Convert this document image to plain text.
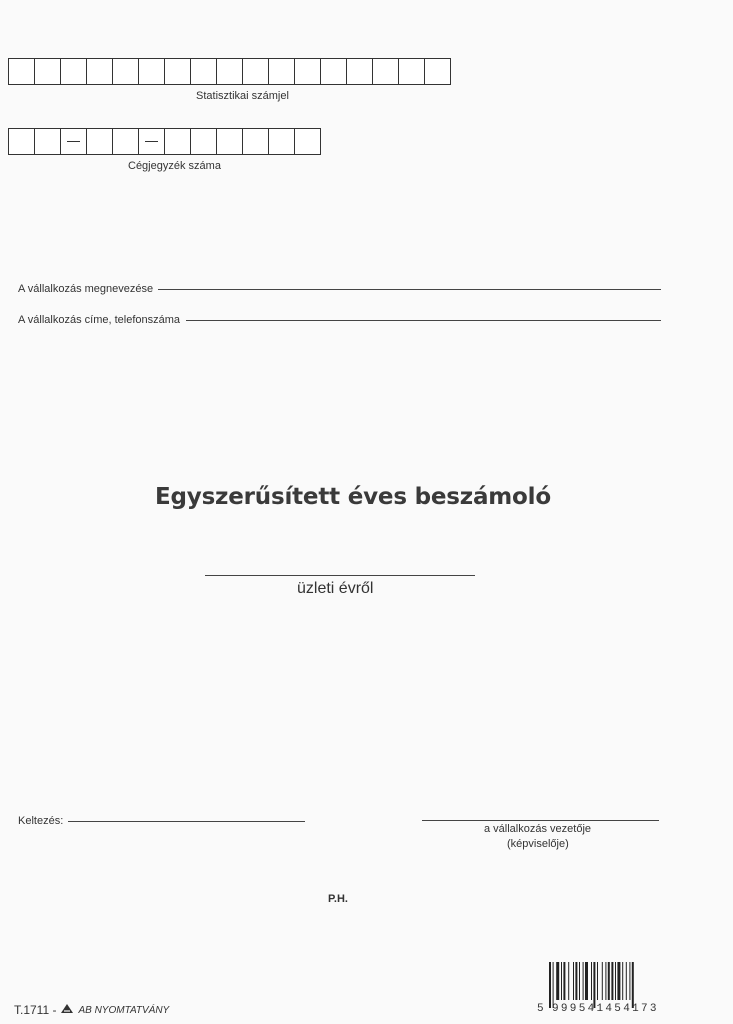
Statisztikai számjel
Cégjegyzék száma
A vállalkozás megnevezése
A vállalkozás címe, telefonszáma
Egyszerűsített éves beszámoló
üzleti évről
Keltezés:
a vállalkozás vezetője
(képviselője)
P.H.
T.1711 - AB NYOMTATVÁNY	5 999541454173
